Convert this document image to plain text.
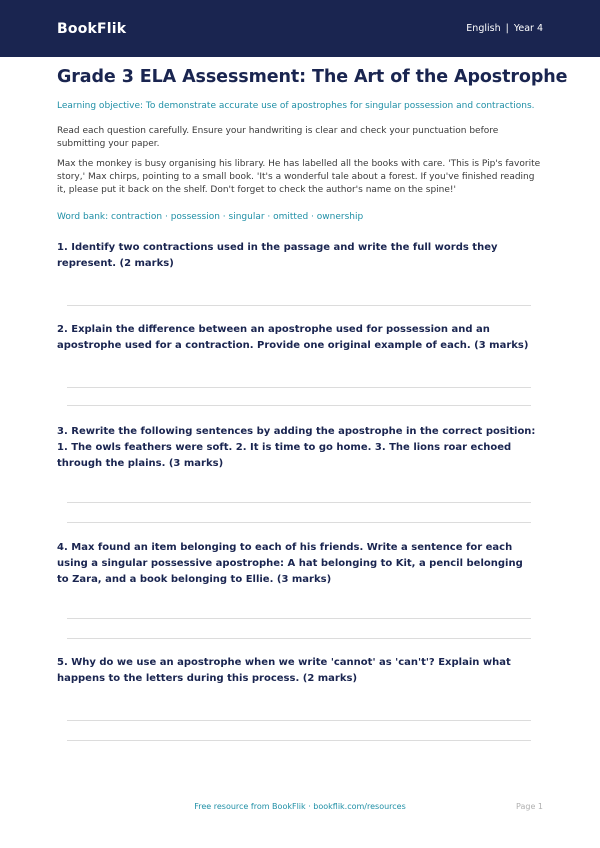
BookFlik	English | Year 4
Grade 3 ELA Assessment: The Art of the Apostrophe

Learning objective: To demonstrate accurate use of apostrophes for singular possession and contractions.

Read each question carefully. Ensure your handwriting is clear and check your punctuation before submitting your paper.

Max the monkey is busy organising his library. He has labelled all the books with care. 'This is Pip's favorite story,' Max chirps, pointing to a small book. 'It's a wonderful tale about a forest. If you've finished reading it, please put it back on the shelf. Don't forget to check the author's name on the spine!'

Word bank: contraction · possession · singular · omitted · ownership

1. Identify two contractions used in the passage and write the full words they represent. (2 marks)

2. Explain the difference between an apostrophe used for possession and an apostrophe used for a contraction. Provide one original example of each. (3 marks)

3. Rewrite the following sentences by adding the apostrophe in the correct position: 1. The owls feathers were soft. 2. It is time to go home. 3. The lions roar echoed through the plains. (3 marks)

4. Max found an item belonging to each of his friends. Write a sentence for each using a singular possessive apostrophe: A hat belonging to Kit, a pencil belonging to Zara, and a book belonging to Ellie. (3 marks)

5. Why do we use an apostrophe when we write 'cannot' as 'can't'? Explain what happens to the letters during this process. (2 marks)

Free resource from BookFlik · bookflik.com/resources	Page 1
